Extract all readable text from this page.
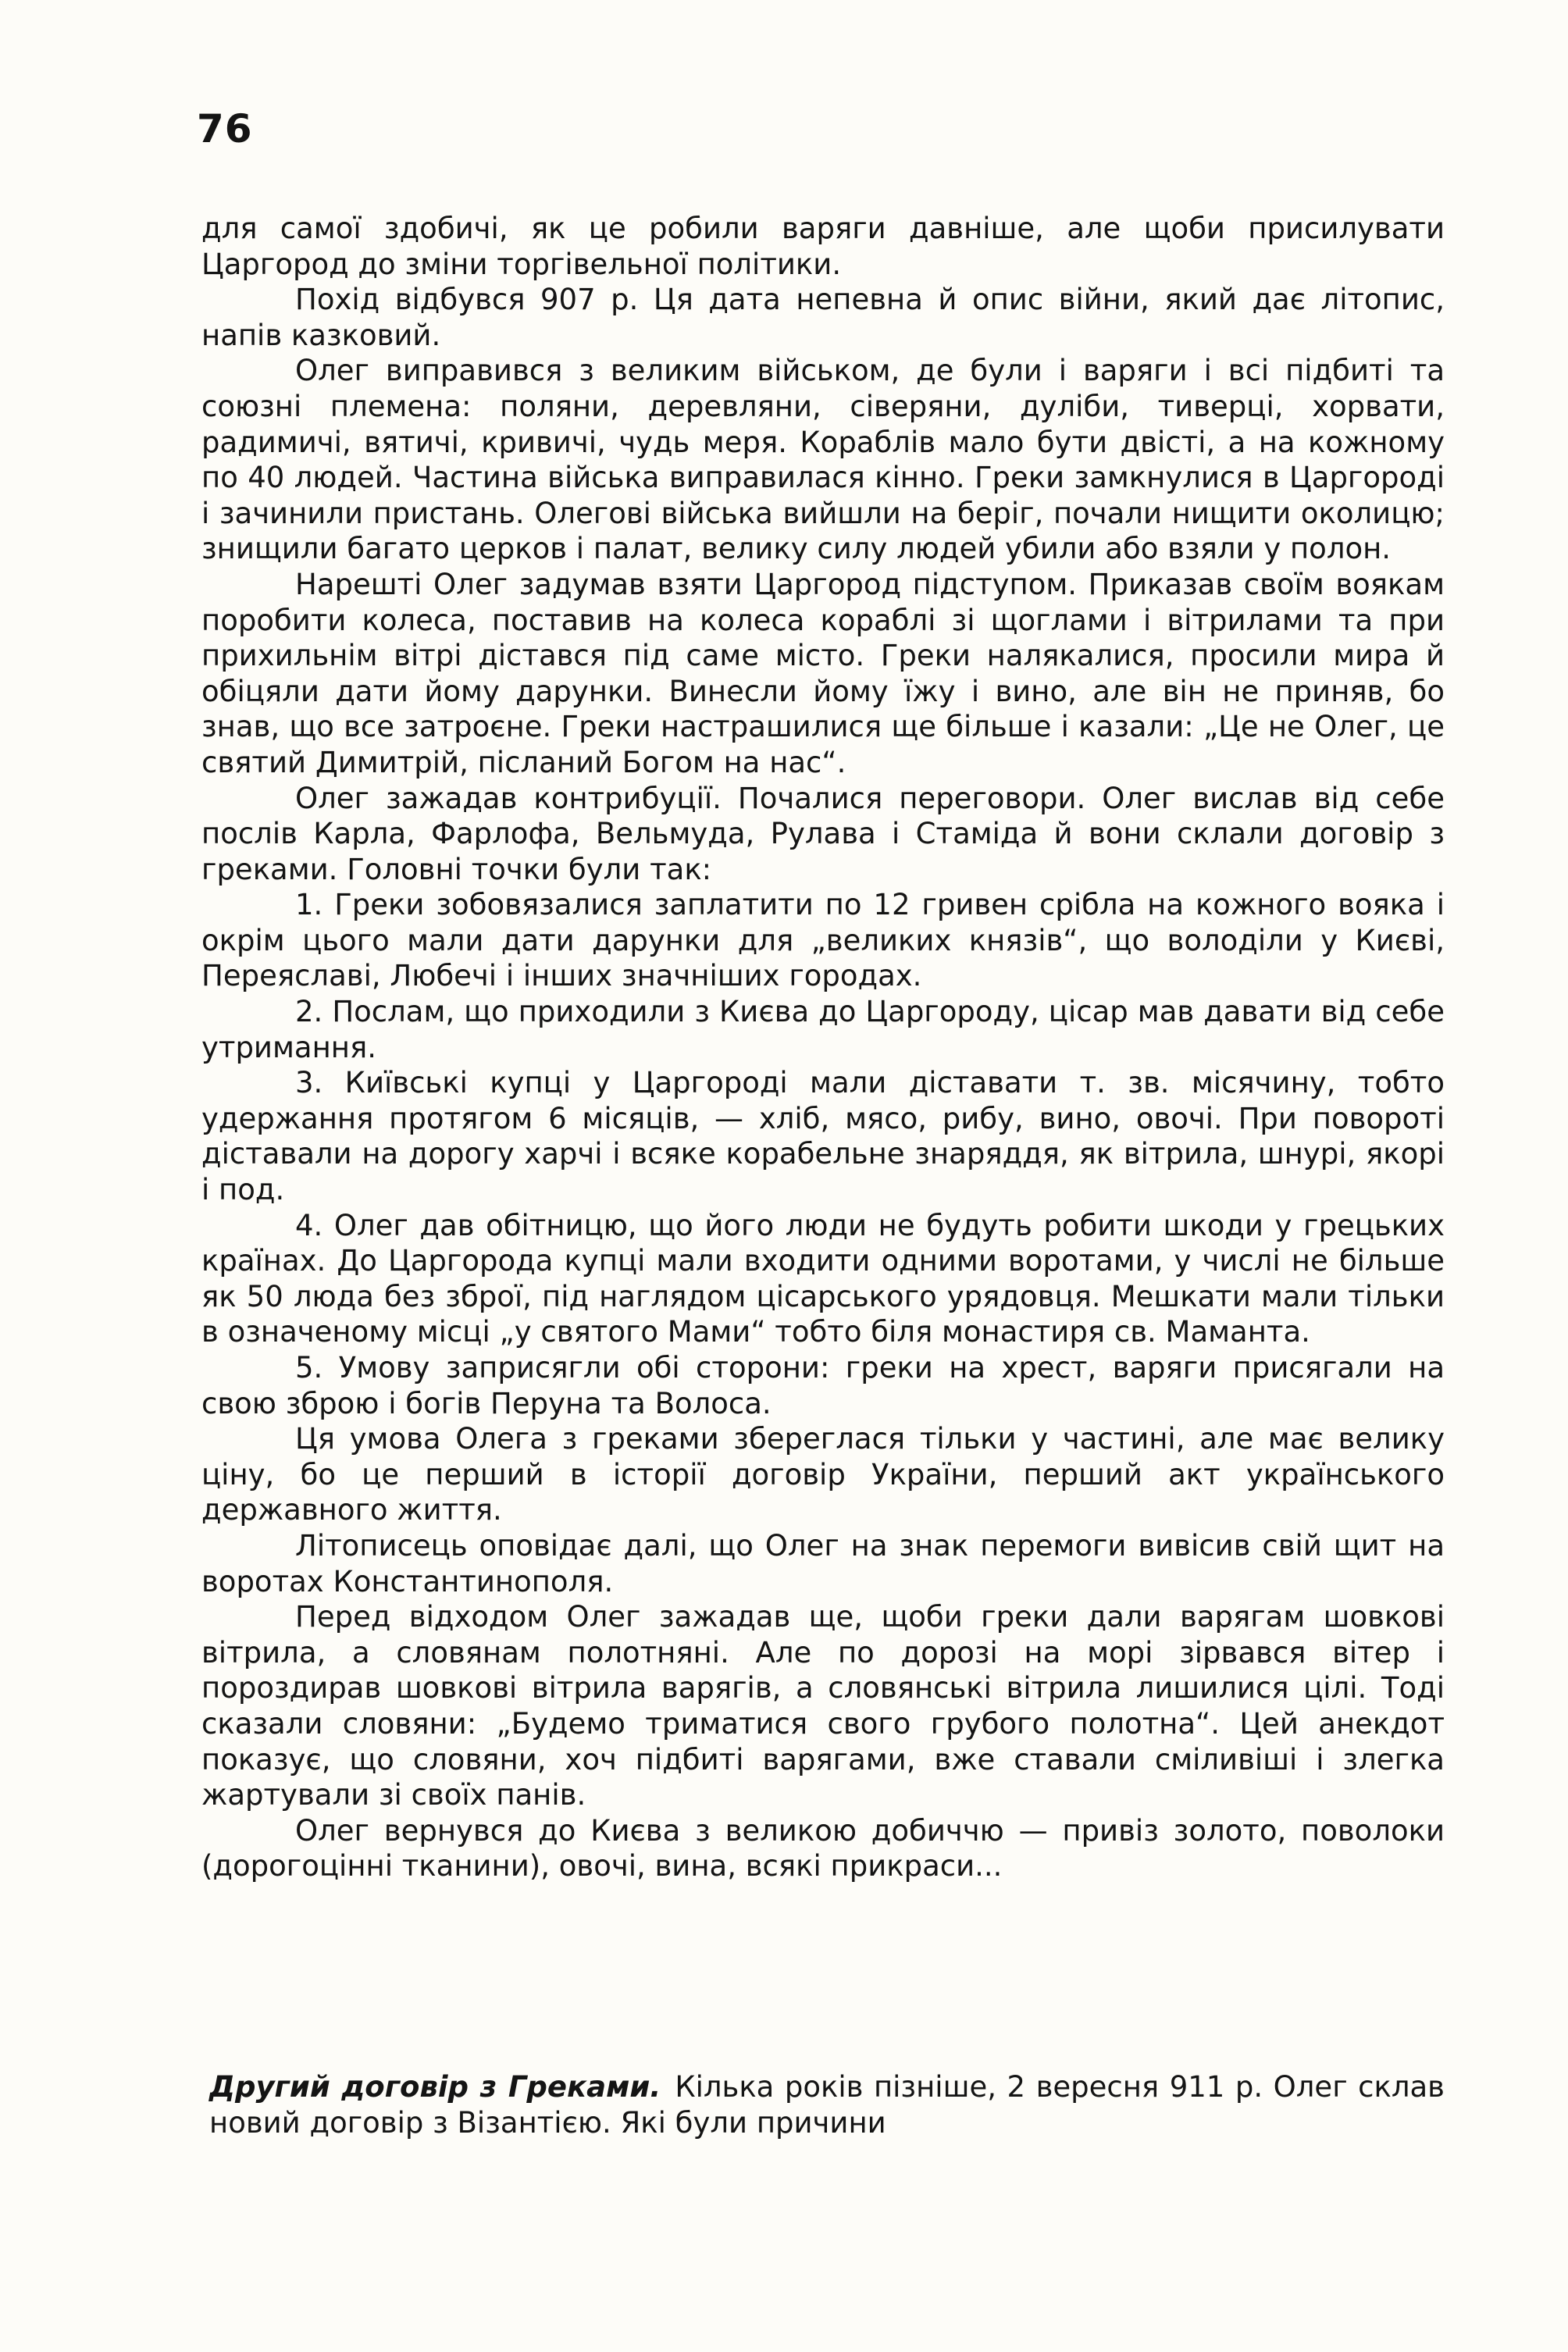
76

для самої здобичі, як це робили варяги давніше, але щоби присилувати Царгород до зміни торгівельної політики.

Похід відбувся 907 р. Ця дата непевна й опис війни, який дає літопис, напів казковий.

Олег виправився з великим військом, де були і варяги і всі підбиті та союзні племена: поляни, деревляни, сіверяни, дуліби, тиверці, хорвати, радимичі, вятичі, кривичі, чудь меря. Кораблів мало бути двісті, а на кожному по 40 людей. Частина війська виправилася кінно. Греки замкнулися в Царгороді і зачинили пристань. Олегові війська вийшли на беріг, почали нищити околицю; знищили багато церков і палат, велику силу людей убили або взяли у полон.

Нарешті Олег задумав взяти Царгород підступом. Приказав своїм воякам поробити колеса, поставив на колеса кораблі зі щоглами і вітрилами та при прихильнім вітрі дістався під саме місто. Греки налякалися, просили мира й обіцяли дати йому дарунки. Винесли йому їжу і вино, але він не приняв, бо знав, що все затроєне. Греки настрашилися ще більше і казали: „Це не Олег, це святий Димитрій, післаний Богом на нас“.

Олег зажадав контрибуції. Почалися переговори. Олег вислав від себе послів Карла, Фарлофа, Вельмуда, Рулава і Стаміда й вони склали договір з греками. Головні точки були так:

1. Греки зобовязалися заплатити по 12 гривен срібла на кожного вояка і окрім цього мали дати дарунки для „великих князів“, що володіли у Києві, Переяславі, Любечі і інших значніших городах.

2. Послам, що приходили з Києва до Царгороду, цісар мав давати від себе утримання.

3. Київські купці у Царгороді мали діставати т. зв. місячину, тобто удержання протягом 6 місяців, — хліб, мясо, рибу, вино, овочі. При повороті діставали на дорогу харчі і всяке корабельне знаряддя, як вітрила, шнурі, якорі і под.

4. Олег дав обітницю, що його люди не будуть робити шкоди у грецьких країнах. До Царгорода купці мали входити одними воротами, у числі не більше як 50 люда без зброї, під наглядом цісарського урядовця. Мешкати мали тільки в означеному місці „у святого Мами“ тобто біля монастиря св. Маманта.

5. Умову заприсягли обі сторони: греки на хрест, варяги присягали на свою зброю і богів Перуна та Волоса.

Ця умова Олега з греками збереглася тільки у частині, але має велику ціну, бо це перший в історії договір України, перший акт українського державного життя.

Літописець оповідає далі, що Олег на знак перемоги вивісив свій щит на воротах Константинополя.

Перед відходом Олег зажадав ще, щоби греки дали варягам шовкові вітрила, а словянам полотняні. Але по дорозі на морі зірвався вітер і пороздирав шовкові вітрила варягів, а словянські вітрила лишилися цілі. Тоді сказали словяни: „Будемо триматися свого грубого полотна“. Цей анекдот показує, що словяни, хоч підбиті варягами, вже ставали сміливіші і злегка жартували зі своїх панів.

Олег вернувся до Києва з великою добиччю — привіз золото, поволоки (дорогоцінні тканини), овочі, вина, всякі прикраси...

Другий договір з Греками. Кілька років пізніше, 2 вересня 911 р. Олег склав новий договір з Візантією. Які були причини
